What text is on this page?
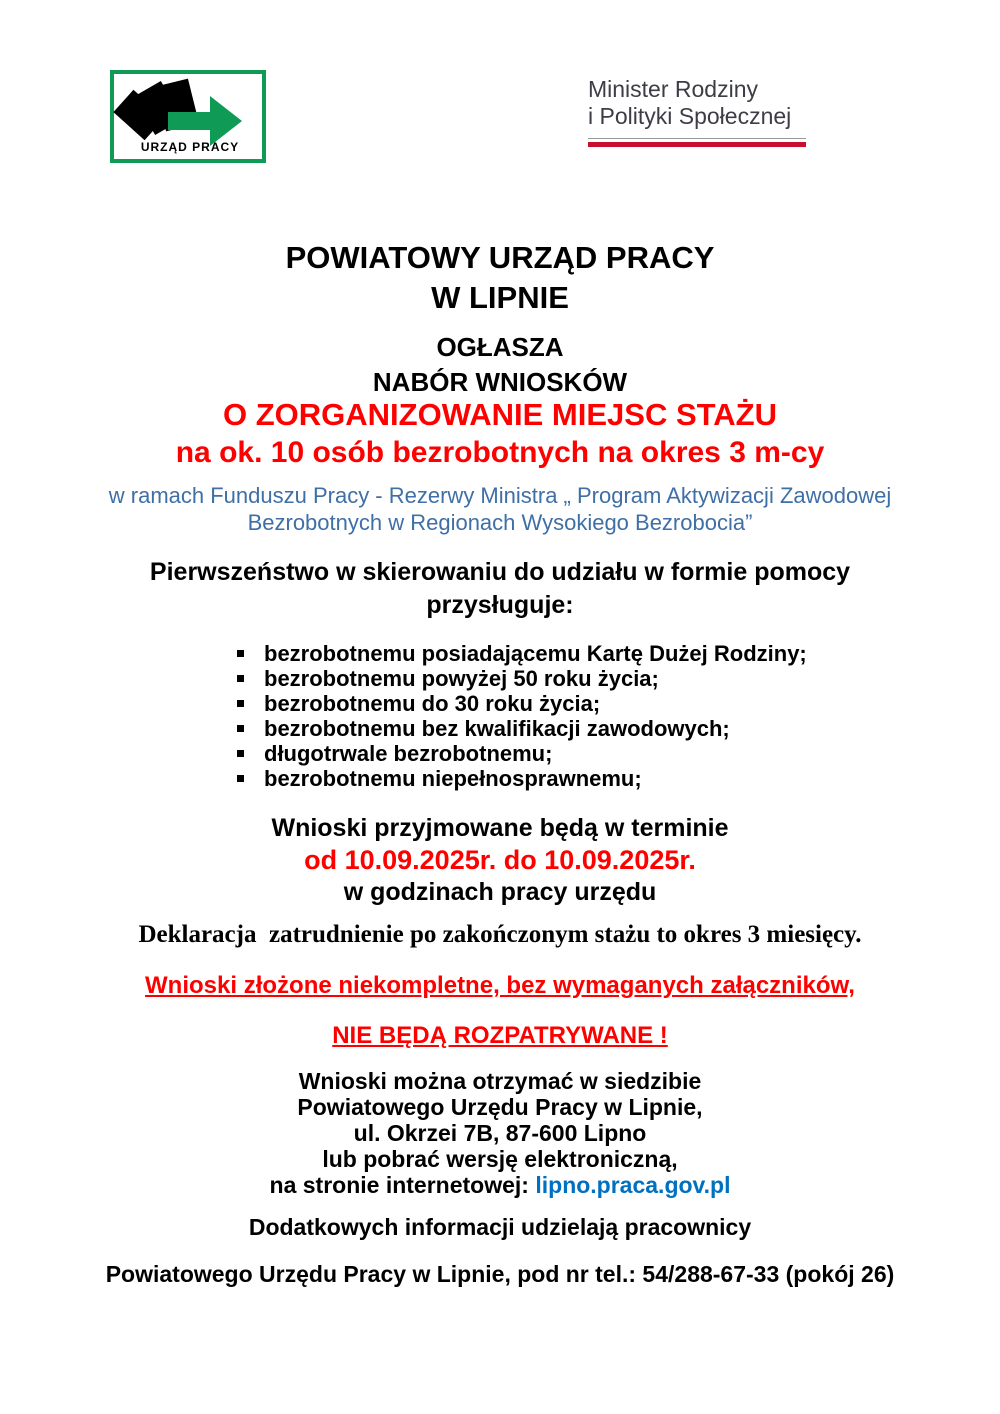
URZĄD PRACY
Minister Rodziny
i Polityki Społecznej
POWIATOWY URZĄD PRACY
W LIPNIE
OGŁASZA
NABÓR WNIOSKÓW
O ZORGANIZOWANIE MIEJSC STAŻU
na ok. 10 osób bezrobotnych na okres 3 m-cy
w ramach Funduszu Pracy - Rezerwy Ministra „ Program Aktywizacji Zawodowej
Bezrobotnych w Regionach Wysokiego Bezrobocia”
Pierwszeństwo w skierowaniu do udziału w formie pomocy
przysługuje:
bezrobotnemu posiadającemu Kartę Dużej Rodziny;
bezrobotnemu powyżej 50 roku życia;
bezrobotnemu do 30 roku życia;
bezrobotnemu bez kwalifikacji zawodowych;
długotrwale bezrobotnemu;
bezrobotnemu niepełnosprawnemu;
Wnioski przyjmowane będą w terminie
od 10.09.2025r. do 10.09.2025r.
w godzinach pracy urzędu
Deklaracja  zatrudnienie po zakończonym stażu to okres 3 miesięcy.
Wnioski złożone niekompletne, bez wymaganych załączników,
NIE BĘDĄ ROZPATRYWANE !
Wnioski można otrzymać w siedzibie
Powiatowego Urzędu Pracy w Lipnie,
ul. Okrzei 7B, 87-600 Lipno
lub pobrać wersję elektroniczną,
na stronie internetowej: lipno.praca.gov.pl
Dodatkowych informacji udzielają pracownicy
Powiatowego Urzędu Pracy w Lipnie, pod nr tel.: 54/288-67-33 (pokój 26)
